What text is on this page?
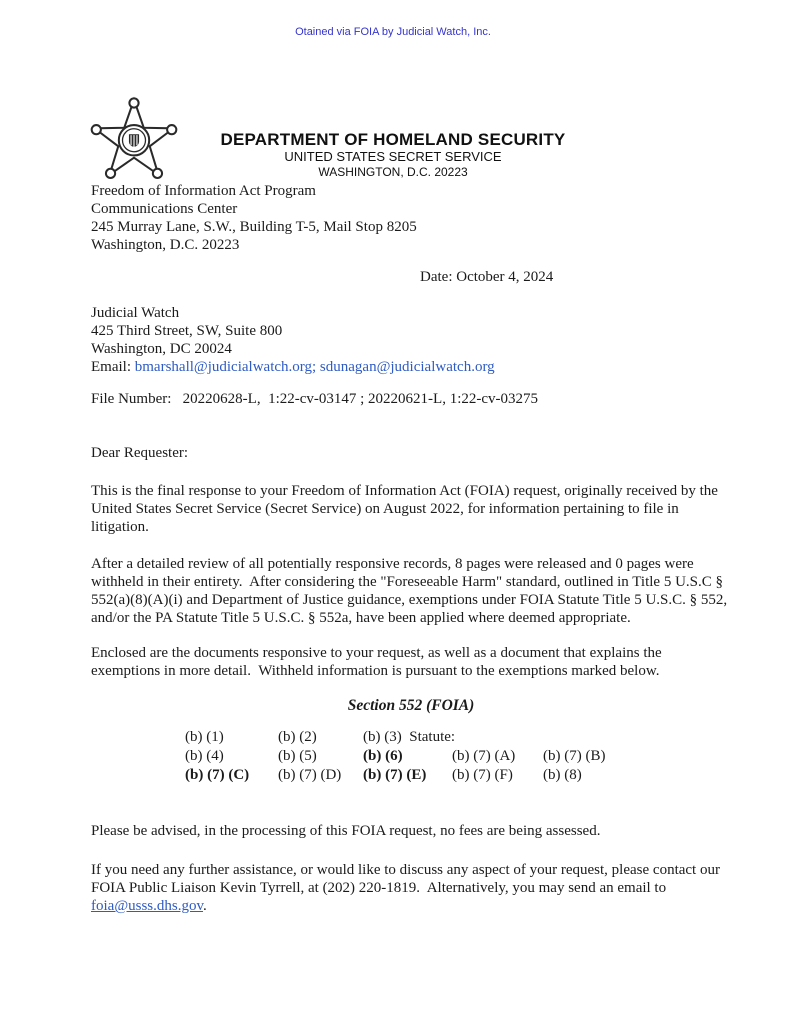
Otained via FOIA by Judicial Watch, Inc.
DEPARTMENT OF HOMELAND SECURITY
UNITED STATES SECRET SERVICE
WASHINGTON, D.C. 20223
Freedom of Information Act Program
Communications Center
245 Murray Lane, S.W., Building T-5, Mail Stop 8205
Washington, D.C. 20223
Date: October 4, 2024
Judicial Watch
425 Third Street, SW, Suite 800
Washington, DC 20024
Email: bmarshall@judicialwatch.org; sdunagan@judicialwatch.org
File Number:   20220628-L,  1:22-cv-03147 ; 20220621-L, 1:22-cv-03275
Dear Requester:
This is the final response to your Freedom of Information Act (FOIA) request, originally received by the United States Secret Service (Secret Service) on August 2022, for information pertaining to file in litigation.
After a detailed review of all potentially responsive records, 8 pages were released and 0 pages were withheld in their entirety.  After considering the "Foreseeable Harm" standard, outlined in Title 5 U.S.C § 552(a)(8)(A)(i) and Department of Justice guidance, exemptions under FOIA Statute Title 5 U.S.C. § 552, and/or the PA Statute Title 5 U.S.C. § 552a, have been applied where deemed appropriate.
Enclosed are the documents responsive to your request, as well as a document that explains the exemptions in more detail.  Withheld information is pursuant to the exemptions marked below.
Section 552 (FOIA)
(b) (1)	(b) (2)	(b) (3)  Statute:
(b) (4)	(b) (5)	(b) (6)	(b) (7) (A)	(b) (7) (B)
(b) (7) (C)	(b) (7) (D)	(b) (7) (E)	(b) (7) (F)	(b) (8)
Please be advised, in the processing of this FOIA request, no fees are being assessed.
If you need any further assistance, or would like to discuss any aspect of your request, please contact our FOIA Public Liaison Kevin Tyrrell, at (202) 220-1819.  Alternatively, you may send an email to foia@usss.dhs.gov.
